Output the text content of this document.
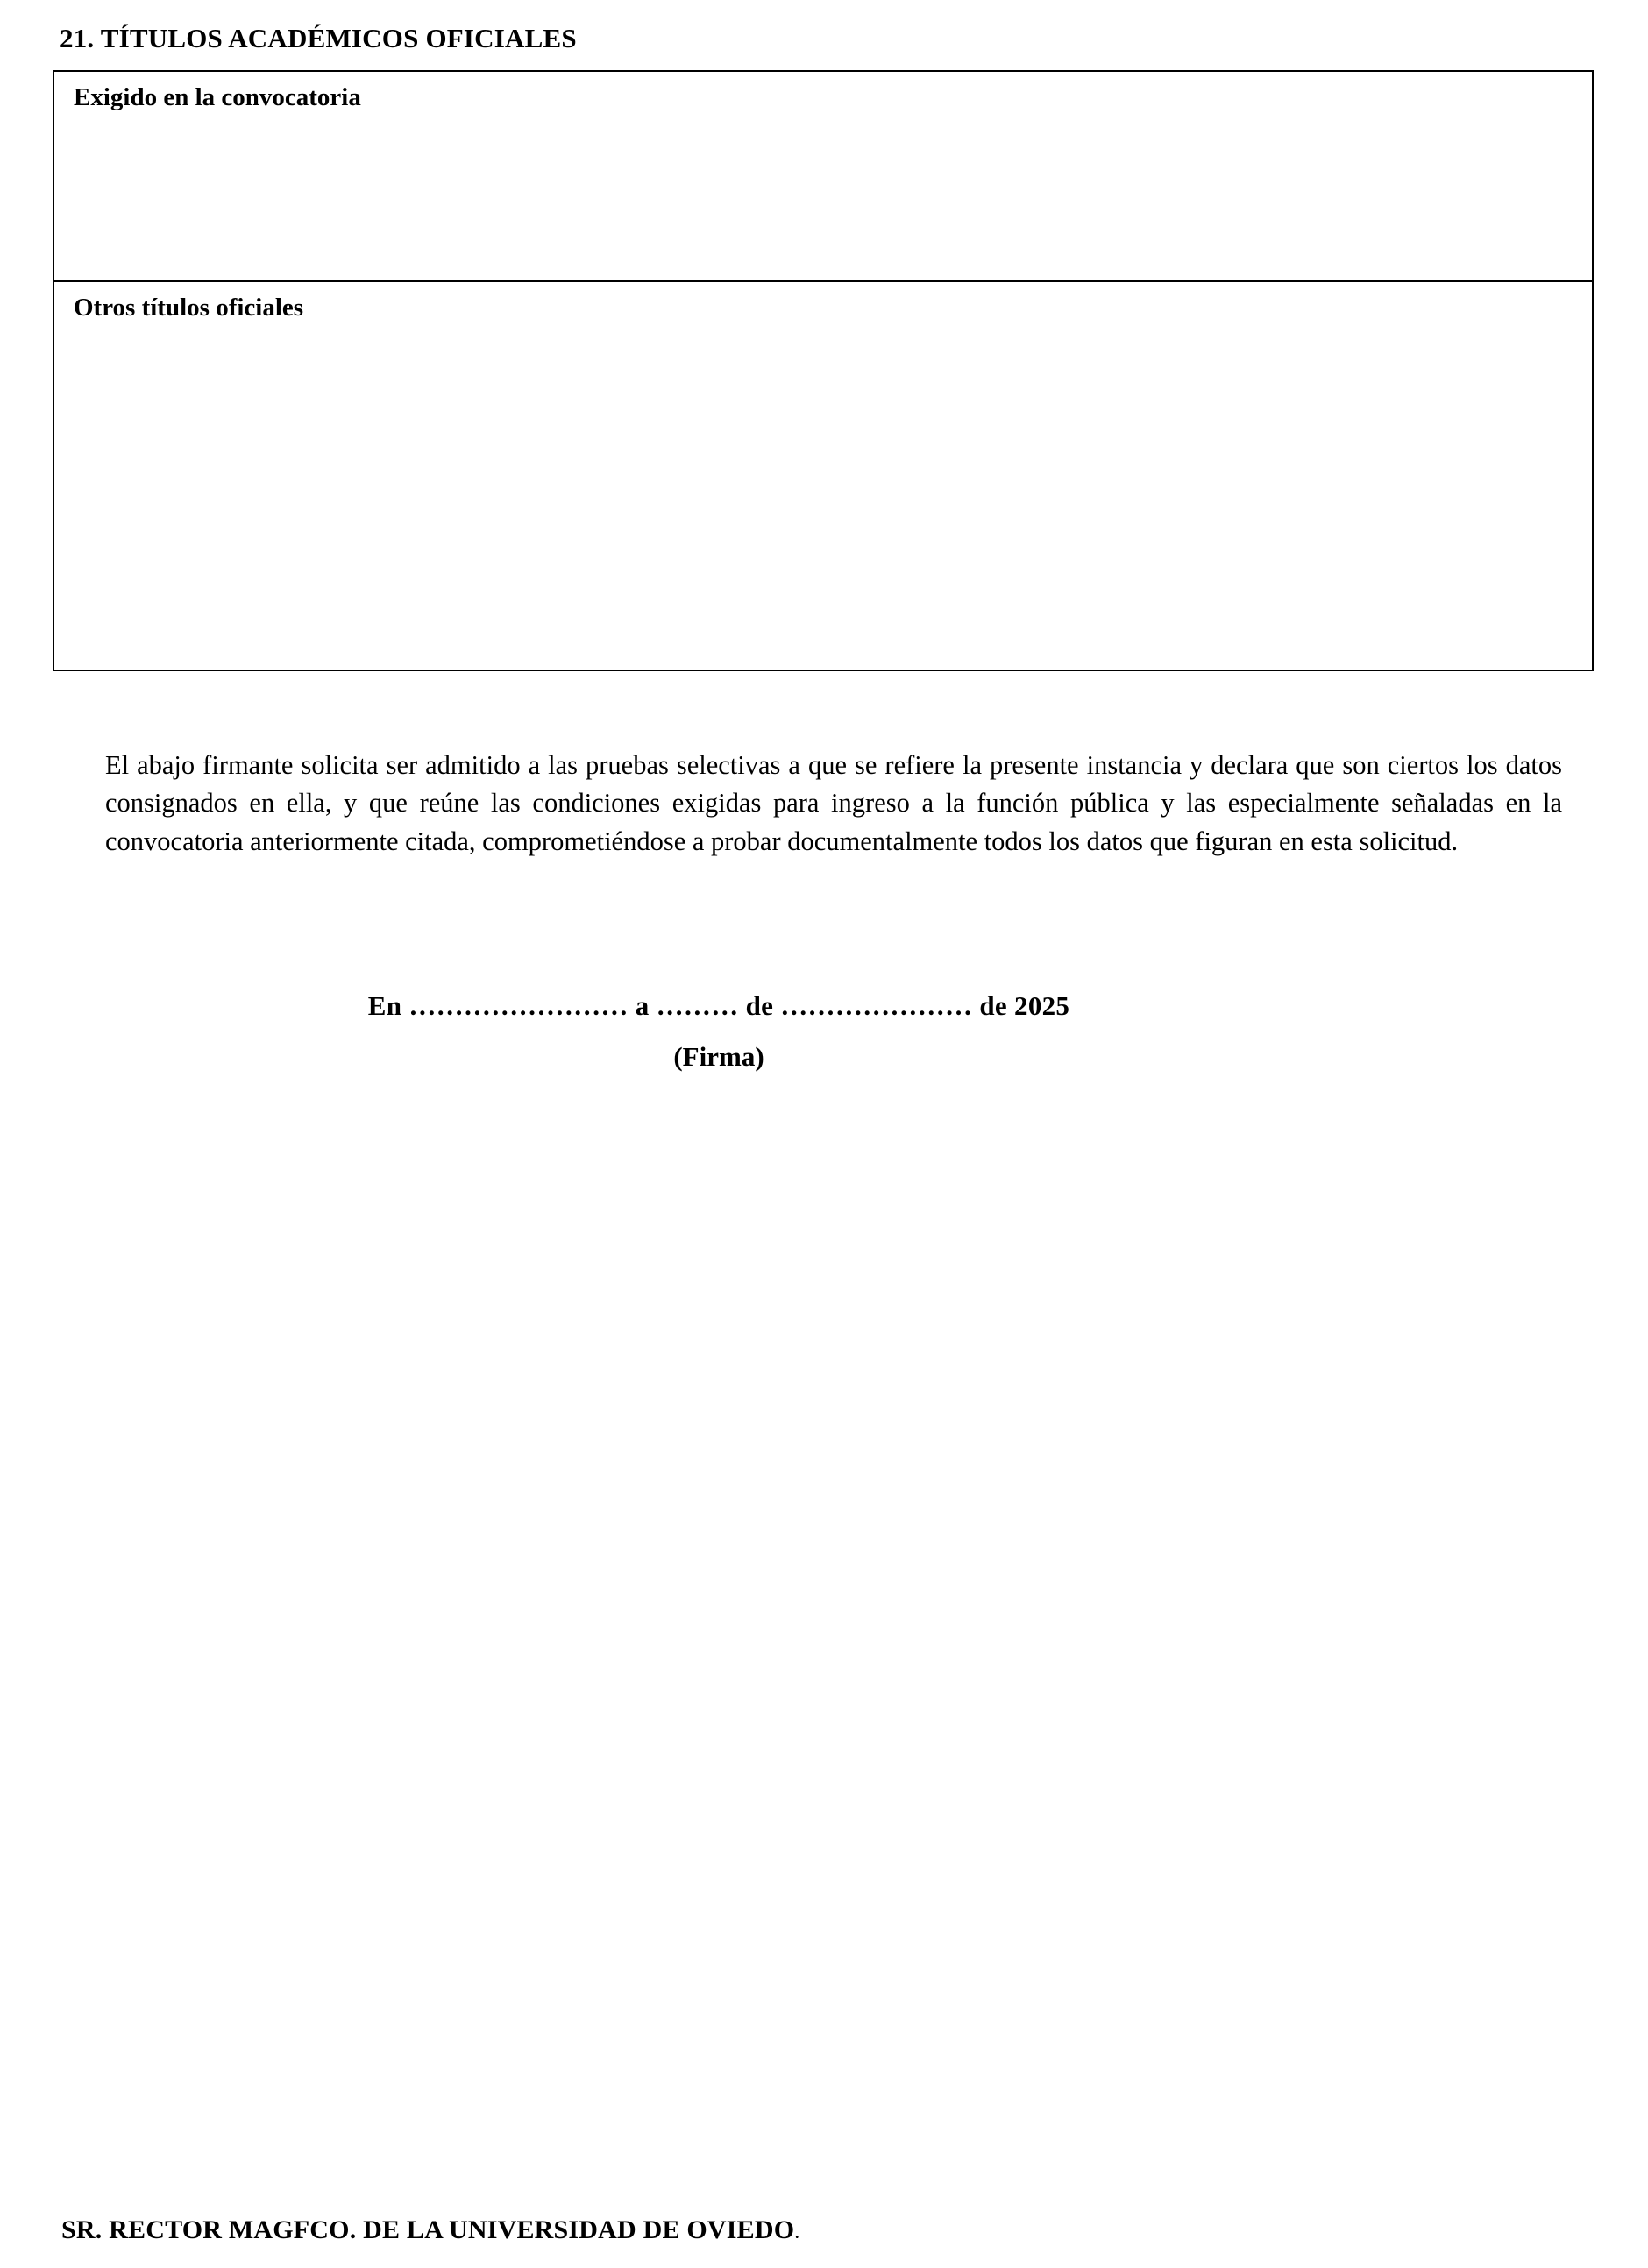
21. TÍTULOS ACADÉMICOS OFICIALES
Exigido en la convocatoria
Otros títulos oficiales

El abajo firmante solicita ser admitido a las pruebas selectivas a que se refiere la presente instancia y declara que son ciertos los datos consignados en ella, y que reúne las condiciones exigidas para ingreso a la función pública y las especialmente señaladas en la convocatoria anteriormente citada, comprometiéndose a probar documentalmente todos los datos que figuran en esta solicitud.

En …………………… a ……… de ………………… de 2025
(Firma)
SR. RECTOR MAGFCO. DE LA UNIVERSIDAD DE OVIEDO.
